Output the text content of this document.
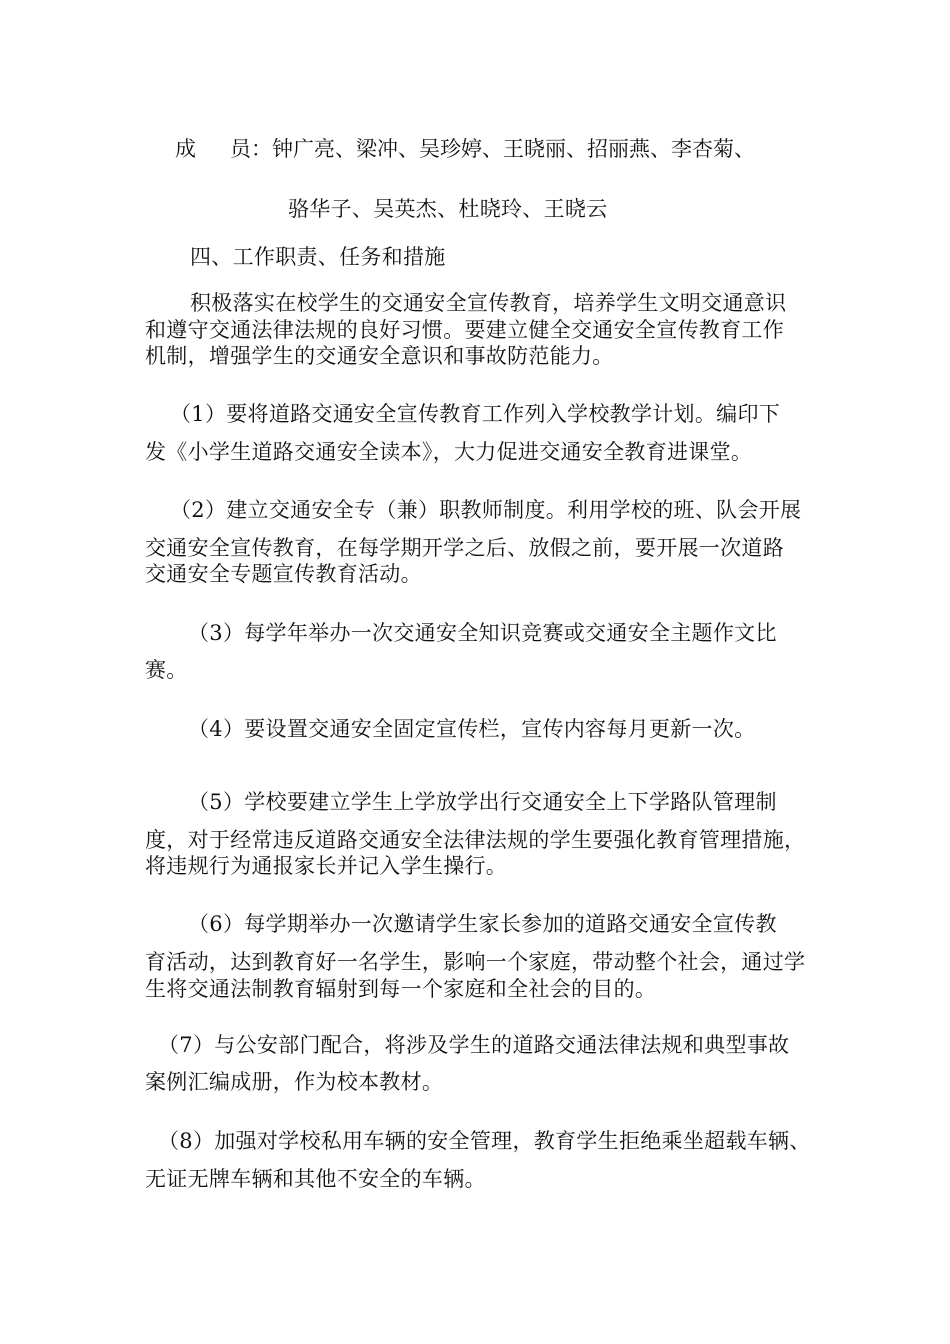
成 员：钟广亮、梁冲、吴珍婷、王晓丽、招丽燕、李杏菊、
骆华子、吴英杰、杜晓玲、王晓云
四、工作职责、任务和措施
积极落实在校学生的交通安全宣传教育，培养学生文明交通意识
和遵守交通法律法规的良好习惯。要建立健全交通安全宣传教育工作
机制，增强学生的交通安全意识和事故防范能力。
（1）要将道路交通安全宣传教育工作列入学校教学计划。编印下
发《小学生道路交通安全读本》，大力促进交通安全教育进课堂。
（2）建立交通安全专（兼）职教师制度。利用学校的班、队会开展
交通安全宣传教育，在每学期开学之后、放假之前，要开展一次道路
交通安全专题宣传教育活动。
（3）每学年举办一次交通安全知识竞赛或交通安全主题作文比
赛。
（4）要设置交通安全固定宣传栏，宣传内容每月更新一次。
（5）学校要建立学生上学放学出行交通安全上下学路队管理制
度，对于经常违反道路交通安全法律法规的学生要强化教育管理措施，
将违规行为通报家长并记入学生操行。
（6）每学期举办一次邀请学生家长参加的道路交通安全宣传教
育活动，达到教育好一名学生，影响一个家庭，带动整个社会，通过学
生将交通法制教育辐射到每一个家庭和全社会的目的。
（7）与公安部门配合，将涉及学生的道路交通法律法规和典型事故
案例汇编成册，作为校本教材。
（8）加强对学校私用车辆的安全管理，教育学生拒绝乘坐超载车辆、
无证无牌车辆和其他不安全的车辆。
